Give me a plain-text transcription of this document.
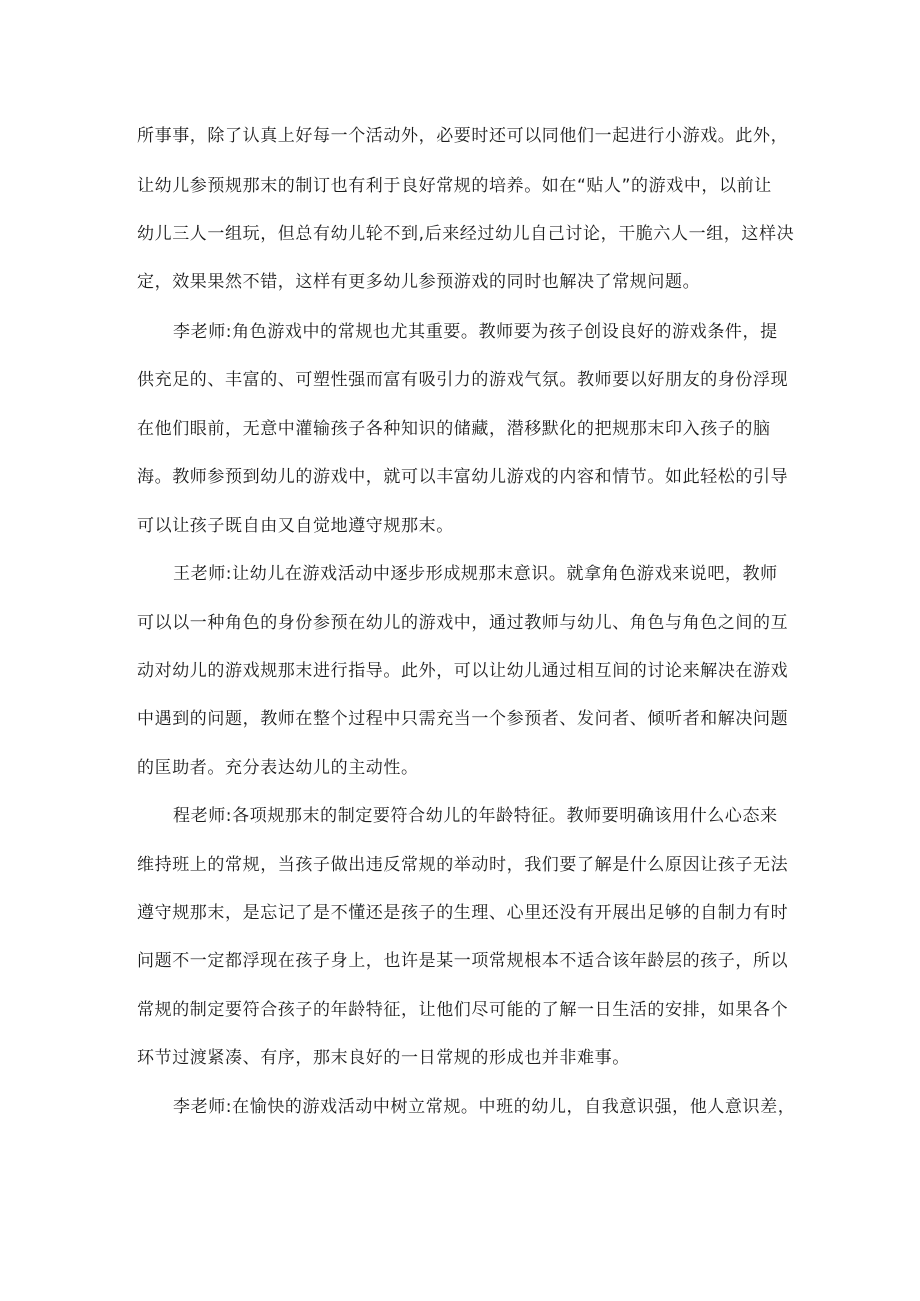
所事事，除了认真上好每一个活动外，必要时还可以同他们一起进行小游戏。此外，
让幼儿参预规那末的制订也有利于良好常规的培养。如在“贴人”的游戏中，以前让
幼儿三人一组玩，但总有幼儿轮不到,后来经过幼儿自己讨论，干脆六人一组，这样决
定，效果果然不错，这样有更多幼儿参预游戏的同时也解决了常规问题。
李老师:角色游戏中的常规也尤其重要。教师要为孩子创设良好的游戏条件，提
供充足的、丰富的、可塑性强而富有吸引力的游戏气氛。教师要以好朋友的身份浮现
在他们眼前，无意中灌输孩子各种知识的储藏，潜移默化的把规那末印入孩子的脑
海。教师参预到幼儿的游戏中，就可以丰富幼儿游戏的内容和情节。如此轻松的引导
可以让孩子既自由又自觉地遵守规那末。
王老师:让幼儿在游戏活动中逐步形成规那末意识。就拿角色游戏来说吧，教师
可以以一种角色的身份参预在幼儿的游戏中，通过教师与幼儿、角色与角色之间的互
动对幼儿的游戏规那末进行指导。此外，可以让幼儿通过相互间的讨论来解决在游戏
中遇到的问题，教师在整个过程中只需充当一个参预者、发问者、倾听者和解决问题
的匡助者。充分表达幼儿的主动性。
程老师:各项规那末的制定要符合幼儿的年龄特征。教师要明确该用什么心态来
维持班上的常规，当孩子做出违反常规的举动时，我们要了解是什么原因让孩子无法
遵守规那末，是忘记了是不懂还是孩子的生理、心里还没有开展出足够的自制力有时
问题不一定都浮现在孩子身上，也许是某一项常规根本不适合该年龄层的孩子，所以
常规的制定要符合孩子的年龄特征，让他们尽可能的了解一日生活的安排，如果各个
环节过渡紧凑、有序，那末良好的一日常规的形成也并非难事。
李老师:在愉快的游戏活动中树立常规。中班的幼儿，自我意识强，他人意识差，
